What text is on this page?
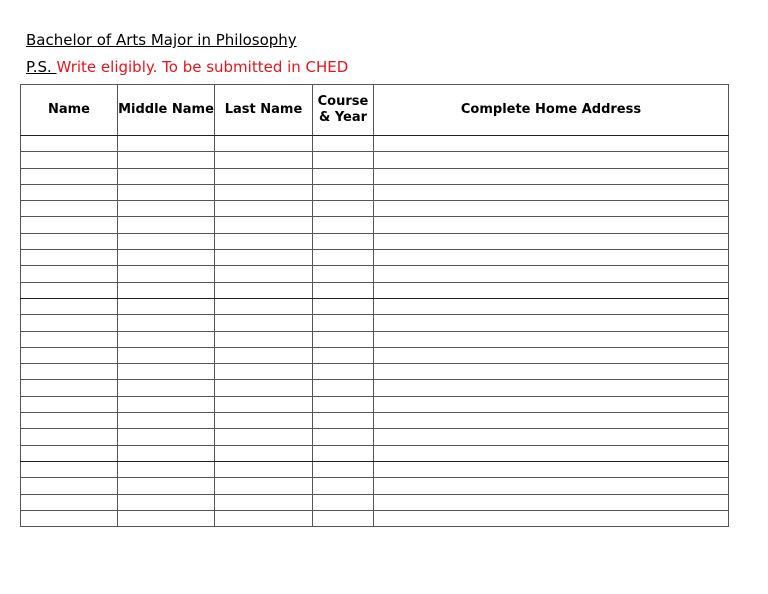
Bachelor of Arts Major in Philosophy
P.S. Write eligibly. To be submitted in CHED
Name	Middle Name	Last Name	Course & Year	Complete Home Address
